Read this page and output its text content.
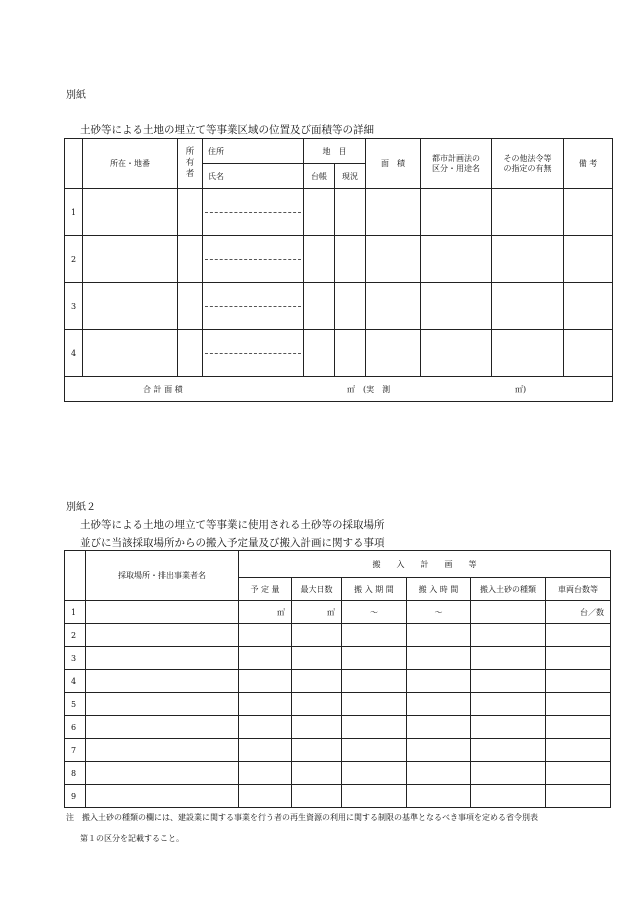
別紙
土砂等による土地の埋立て等事業区域の位置及び面積等の詳細
	所在・地番	所
有
者	住所	地　目		面　積	都市計画法の
区分・用途名	その他法令等
の指定の有無	備 考
			氏名	台帳	現況				
1			

2			

3			

4			

合 計 面 積 ㎡　(実　測 ㎡)									
別紙２
土砂等による土地の埋立て等事業に使用される土砂等の採取場所
並びに当該採取場所からの搬入予定量及び搬入計画に関する事項
	採取場所・排出事業者名	搬　　入　　計　　画　　等					
		予 定 量	最大日数	搬 入 期 間	搬 入 時 間	搬入土砂の種類	車両台数等
1		㎥	㎥	～	～		台／数
2							
3							
4							
5							
6							
7							
8							
9							
注　搬入土砂の種類の欄には、建設業に関する事業を行う者の再生資源の利用に関する制限の基準となるべき事項を定める省令別表
第１の区分を記載すること。
